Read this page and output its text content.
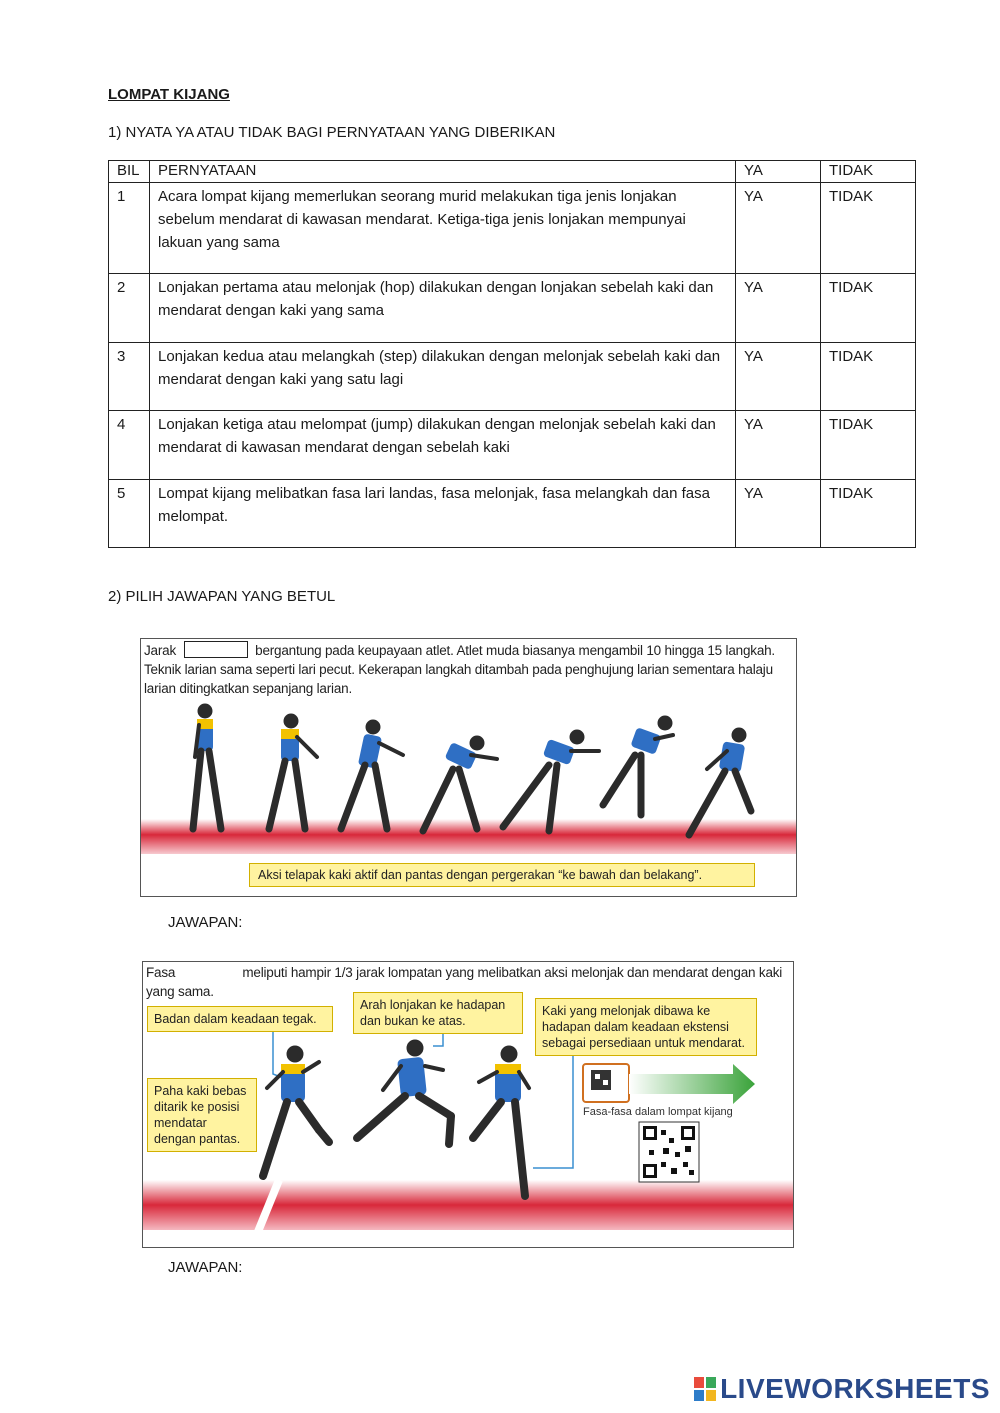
LOMPAT KIJANG
1) NYATA YA ATAU TIDAK BAGI PERNYATAAN YANG DIBERIKAN
BIL	PERNYATAAN	YA	TIDAK
1	Acara lompat kijang memerlukan seorang murid melakukan tiga jenis lonjakan sebelum mendarat di kawasan mendarat. Ketiga-tiga jenis lonjakan mempunyai lakuan yang sama	YA	TIDAK
2	Lonjakan pertama atau melonjak (hop) dilakukan dengan lonjakan sebelah kaki dan mendarat dengan kaki yang sama	YA	TIDAK
3	Lonjakan kedua atau melangkah (step) dilakukan dengan melonjak sebelah kaki dan mendarat dengan kaki yang satu lagi	YA	TIDAK
4	Lonjakan ketiga atau melompat (jump) dilakukan dengan melonjak sebelah kaki dan mendarat di kawasan mendarat dengan sebelah kaki	YA	TIDAK
5	Lompat kijang melibatkan fasa lari landas, fasa melonjak, fasa melangkah dan fasa melompat.	YA	TIDAK
2) PILIH JAWAPAN YANG BETUL
Jarak	bergantung pada keupayaan atlet. Atlet muda biasanya mengambil 10 hingga 15 langkah. Teknik larian sama seperti lari pecut. Kekerapan langkah ditambah pada penghujung larian sementara halaju larian ditingkatkan sepanjang larian.
Aksi telapak kaki aktif dan pantas dengan pergerakan “ke bawah dan belakang”.
JAWAPAN:
Fasa	meliputi hampir 1/3 jarak lompatan yang melibatkan aksi melonjak dan mendarat dengan kaki yang sama.
Badan dalam keadaan tegak.
Arah lonjakan ke hadapan dan bukan ke atas.
Kaki yang melonjak dibawa ke hadapan dalam keadaan ekstensi sebagai persediaan untuk mendarat.
Paha kaki bebas ditarik ke posisi mendatar dengan pantas.
Fasa-fasa dalam lompat kijang
JAWAPAN:
LIVEWORKSHEETS
